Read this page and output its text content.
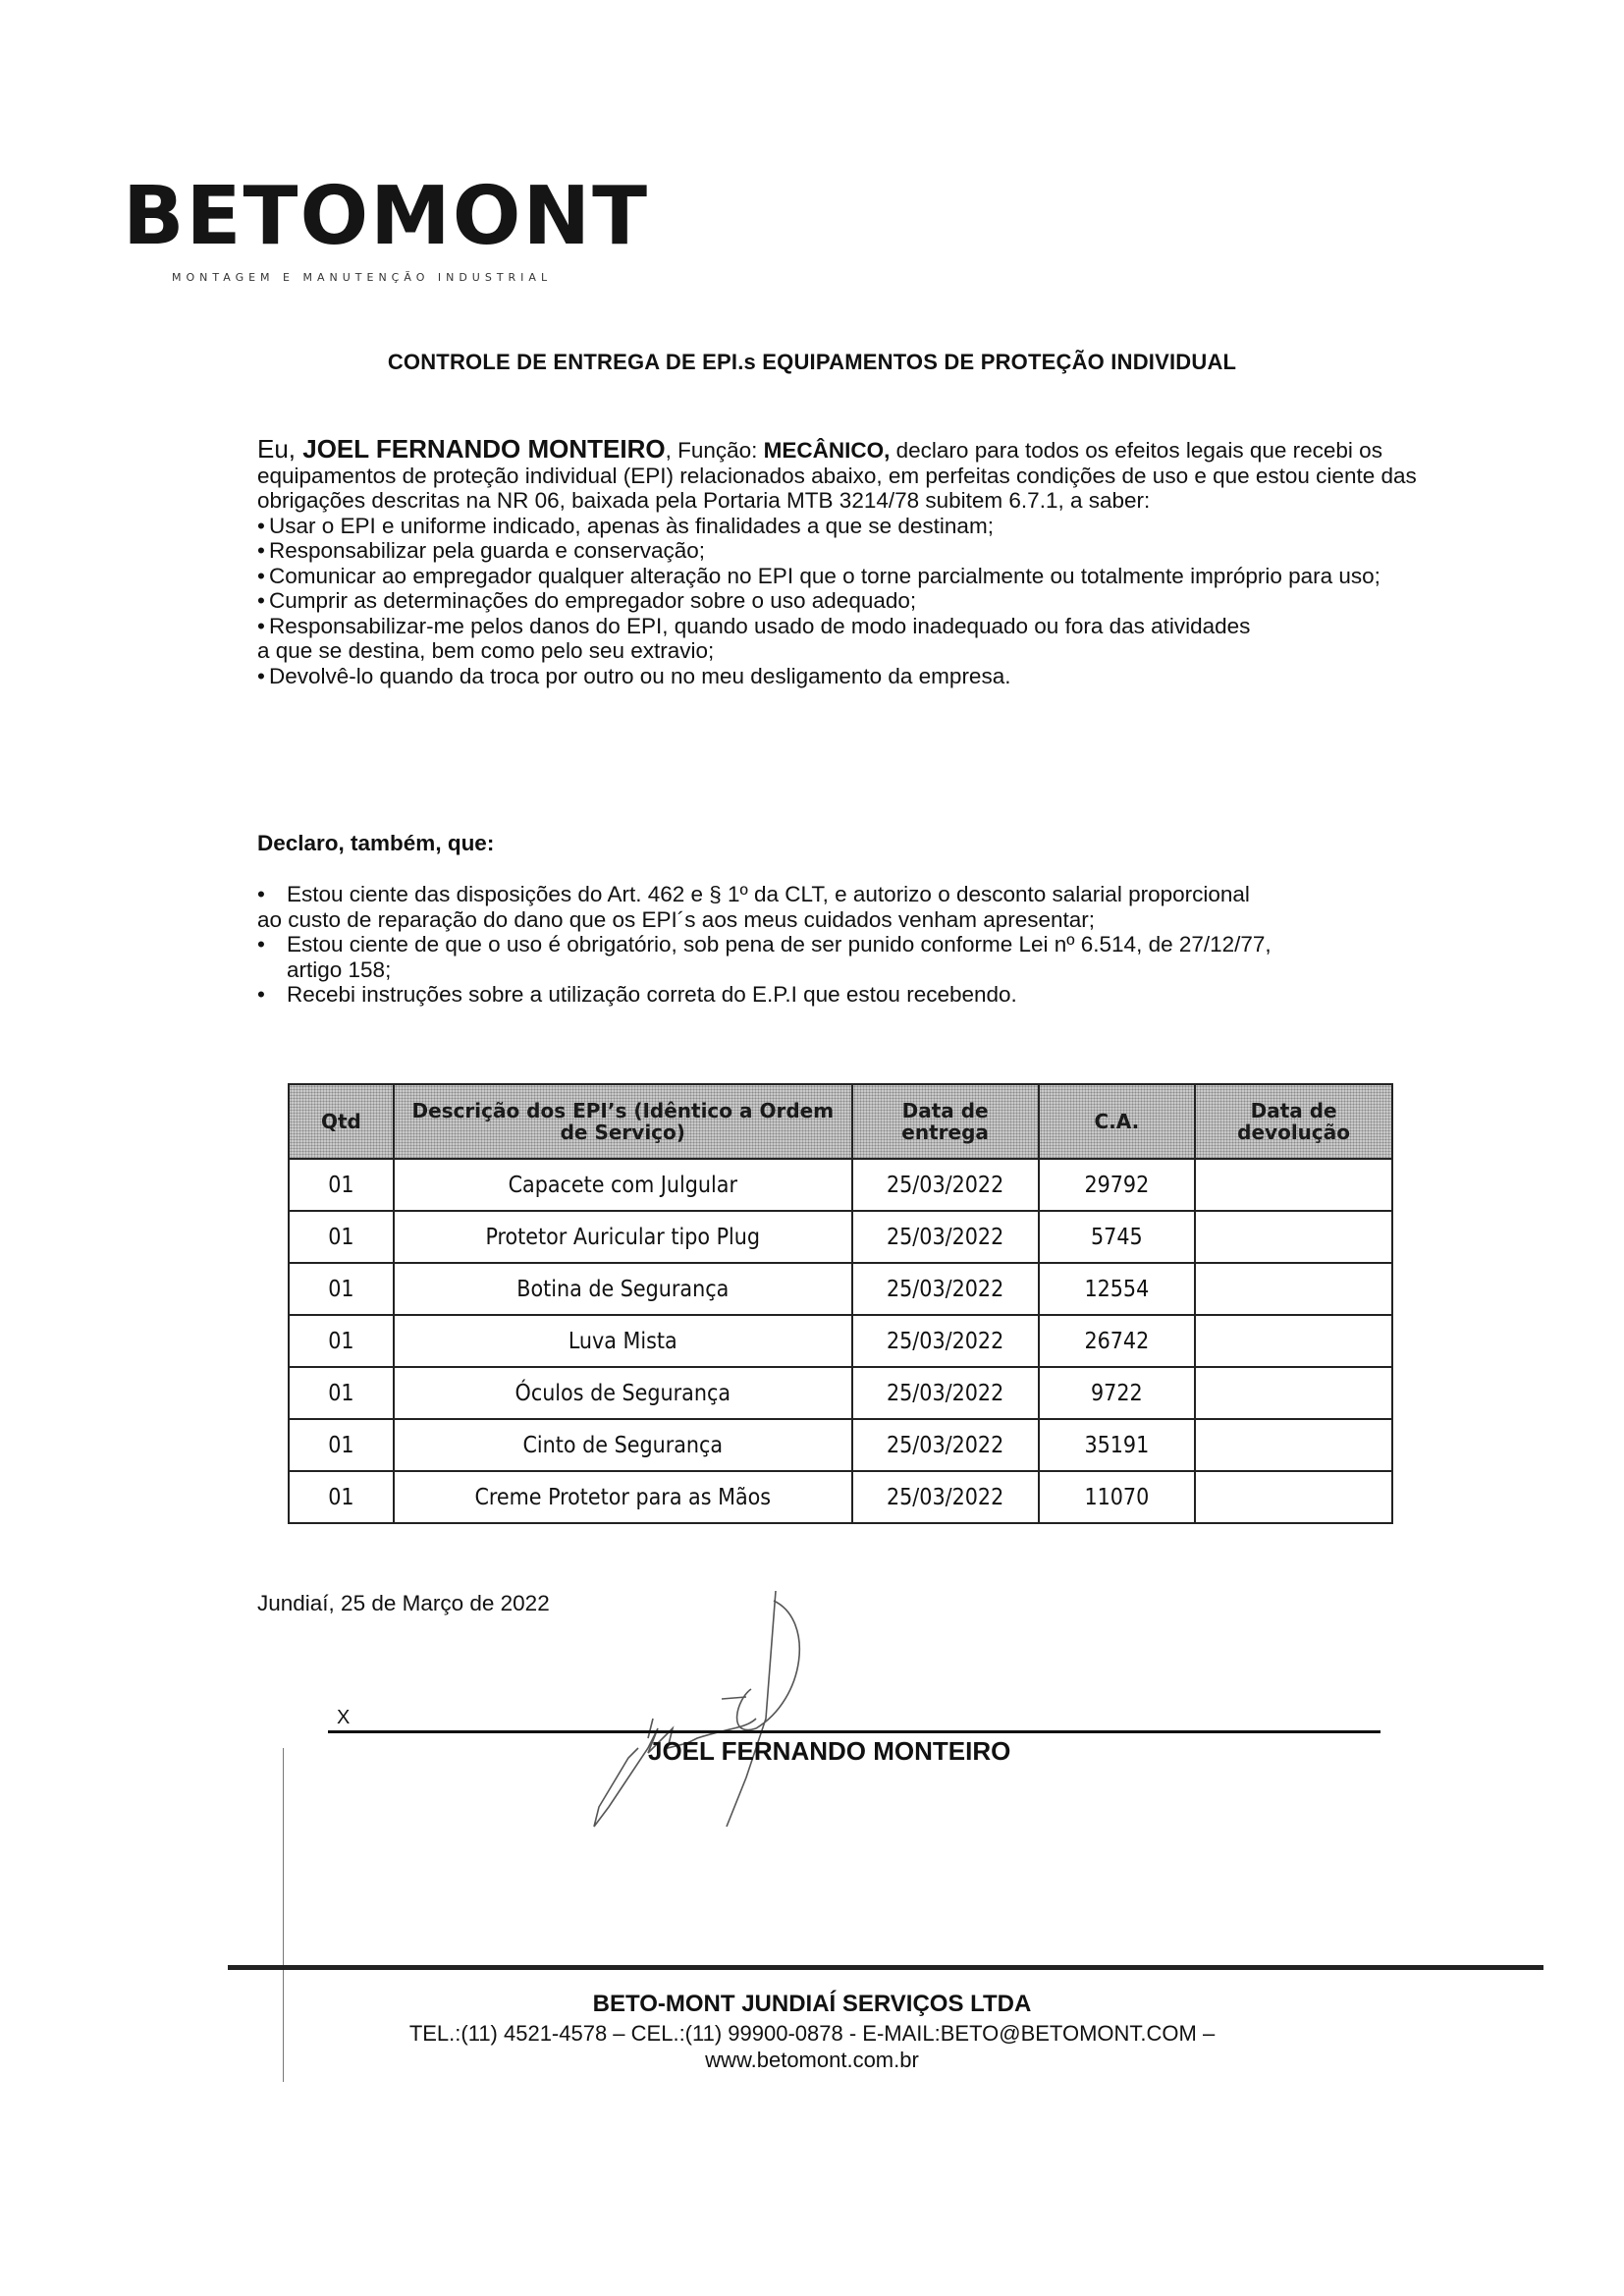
BETOMONT
MONTAGEM E MANUTENÇÃO INDUSTRIAL
CONTROLE DE ENTREGA DE EPI.s EQUIPAMENTOS DE PROTEÇÃO INDIVIDUAL

Eu, JOEL FERNANDO MONTEIRO, Função: MECÂNICO, declaro para todos os efeitos legais que recebi os equipamentos de proteção individual (EPI) relacionados abaixo, em perfeitas condições de uso e que estou ciente das obrigações descritas na NR 06, baixada pela Portaria MTB 3214/78 subitem 6.7.1, a saber:

• Usar o EPI e uniforme indicado, apenas às finalidades a que se destinam;
• Responsabilizar pela guarda e conservação;
• Comunicar ao empregador qualquer alteração no EPI que o torne parcialmente ou totalmente impróprio para uso;
• Cumprir as determinações do empregador sobre o uso adequado;
• Responsabilizar-me pelos danos do EPI, quando usado de modo inadequado ou fora das atividades
a que se destina, bem como pelo seu extravio;
• Devolvê-lo quando da troca por outro ou no meu desligamento da empresa.
Declaro, também, que:
• Estou ciente das disposições do Art. 462 e § 1º da CLT, e autorizo o desconto salarial proporcional
ao custo de reparação do dano que os EPI´s aos meus cuidados venham apresentar;
• Estou ciente de que o uso é obrigatório, sob pena de ser punido conforme Lei nº 6.514, de 27/12/77,
artigo 158;
• Recebi instruções sobre a utilização correta do E.P.I que estou recebendo.
Qtd	Descrição dos EPI’s (Idêntico a Ordem de Serviço)	Data de entrega	C.A.	Data de devolução
01	Capacete com Julgular	25/03/2022	29792	
01	Protetor Auricular tipo Plug	25/03/2022	5745	
01	Botina de Segurança	25/03/2022	12554	
01	Luva Mista	25/03/2022	26742	
01	Óculos de Segurança	25/03/2022	9722	
01	Cinto de Segurança	25/03/2022	35191	
01	Creme Protetor para as Mãos	25/03/2022	11070	
Jundiaí, 25 de Março de 2022
X
JOEL FERNANDO MONTEIRO
BETO-MONT JUNDIAÍ SERVIÇOS LTDA
TEL.:(11) 4521-4578 – CEL.:(11) 99900-0878 - E-MAIL:BETO@BETOMONT.COM –
www.betomont.com.br
